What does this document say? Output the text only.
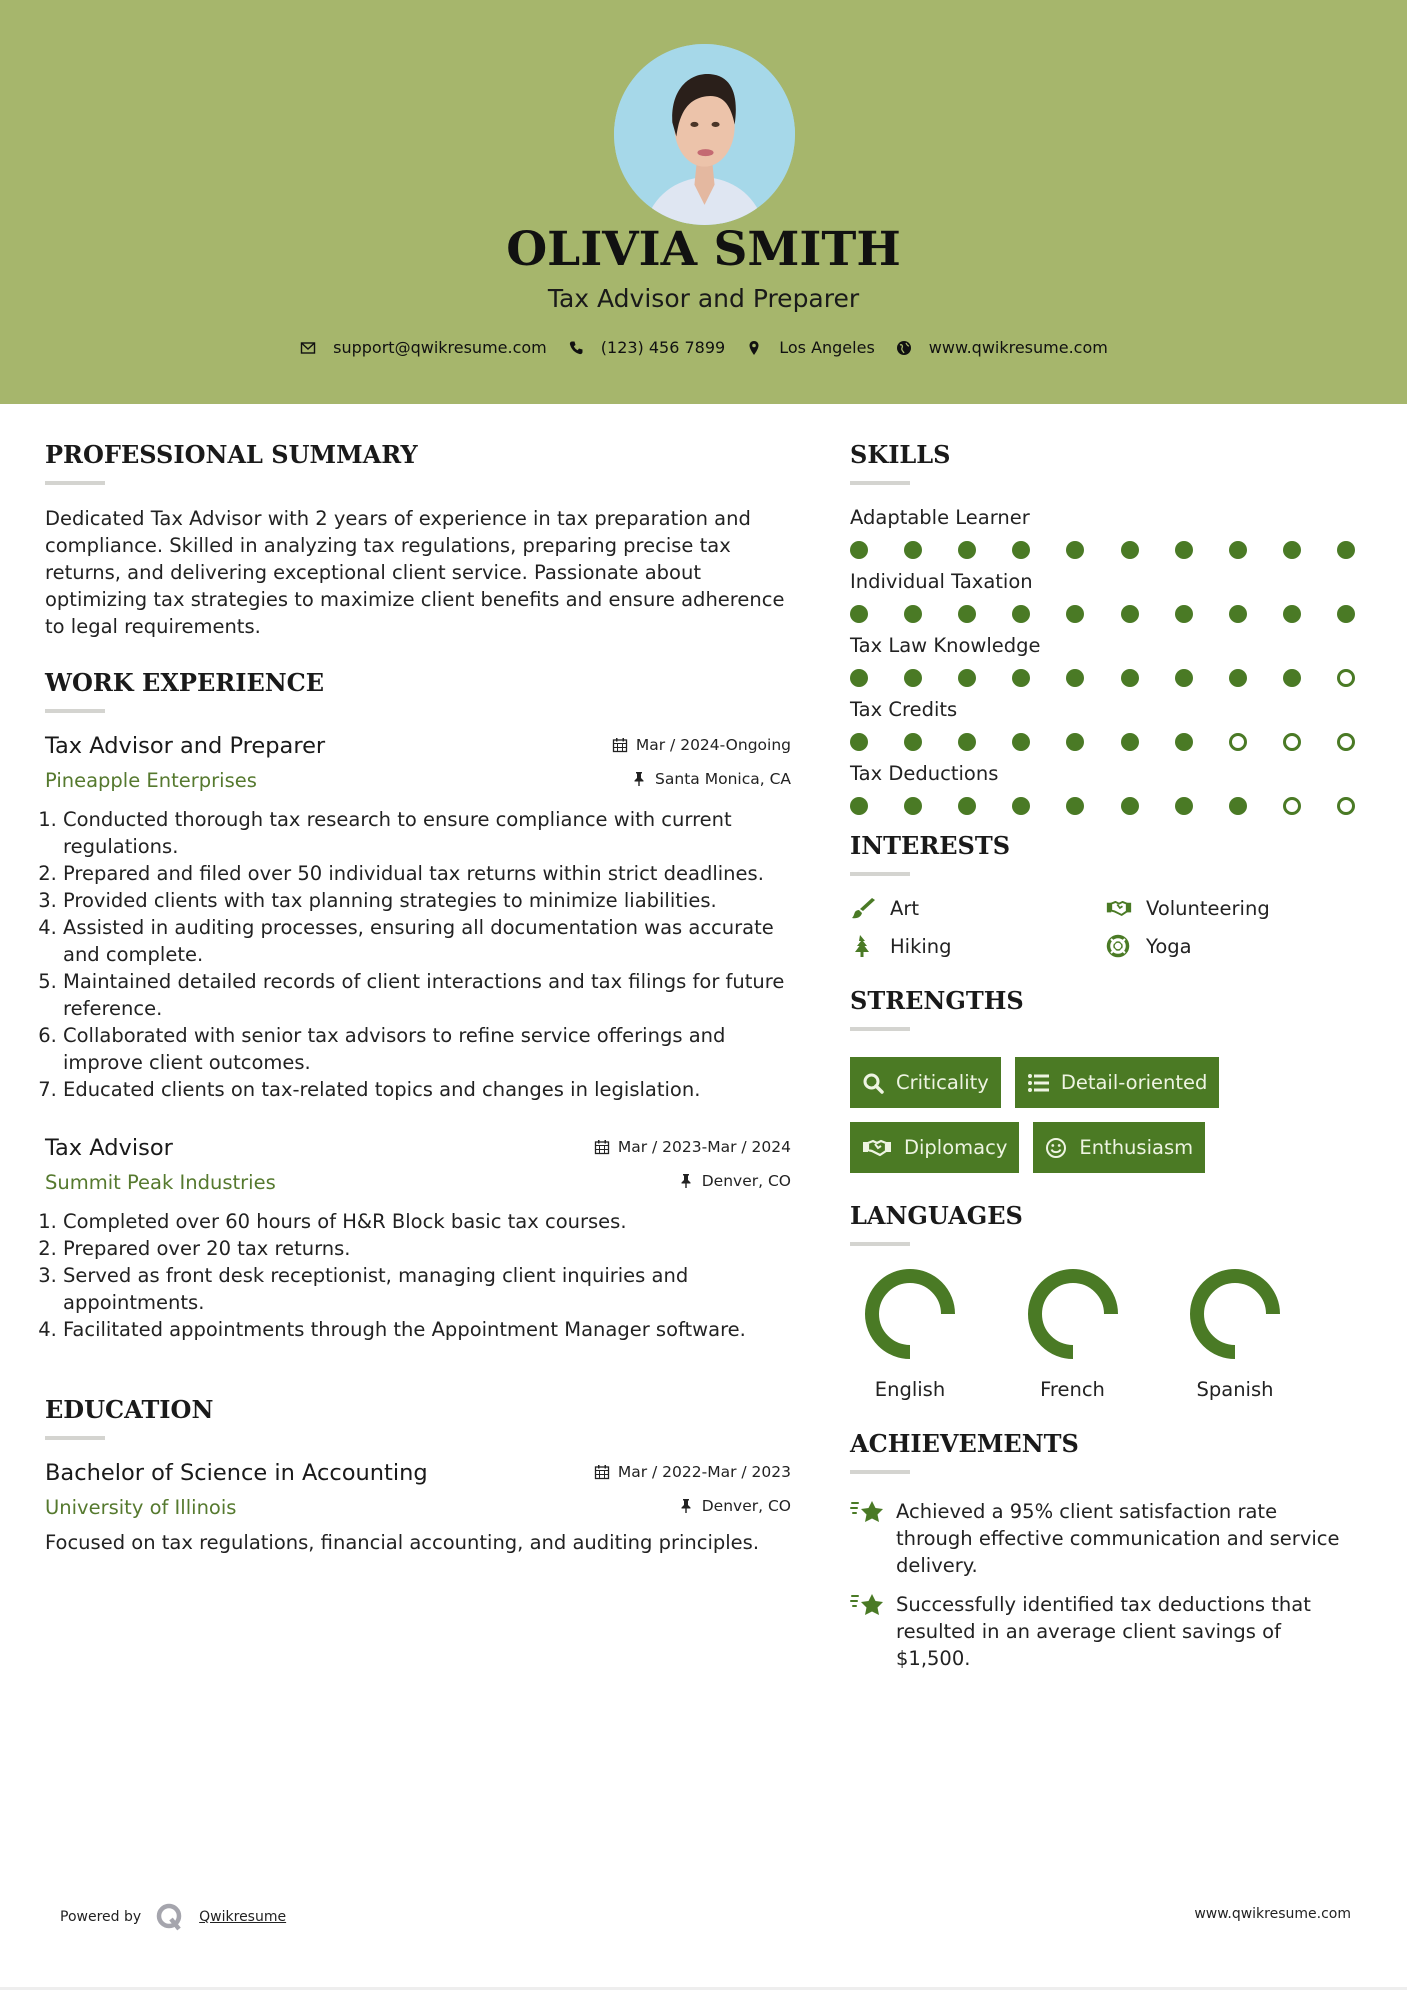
OLIVIA SMITH
Tax Advisor and Preparer
support@qwikresume.com	(123) 456 7899	Los Angeles	www.qwikresume.com
PROFESSIONAL SUMMARY

Dedicated Tax Advisor with 2 years of experience in tax preparation and compliance. Skilled in analyzing tax regulations, preparing precise tax returns, and delivering exceptional client service. Passionate about optimizing tax strategies to maximize client benefits and ensure adherence to legal requirements.

WORK EXPERIENCE
Tax Advisor and Preparer	Mar / 2024-Ongoing
Pineapple Enterprises	Santa Monica, CA
1. Conducted thorough tax research to ensure compliance with current regulations.
2. Prepared and filed over 50 individual tax returns within strict deadlines.
3. Provided clients with tax planning strategies to minimize liabilities.
4. Assisted in auditing processes, ensuring all documentation was accurate and complete.
5. Maintained detailed records of client interactions and tax filings for future reference.
6. Collaborated with senior tax advisors to refine service offerings and improve client outcomes.
7. Educated clients on tax-related topics and changes in legislation.
Tax Advisor	Mar / 2023-Mar / 2024
Summit Peak Industries	Denver, CO
1. Completed over 60 hours of H&R Block basic tax courses.
2. Prepared over 20 tax returns.
3. Served as front desk receptionist, managing client inquiries and appointments.
4. Facilitated appointments through the Appointment Manager software.
EDUCATION
Bachelor of Science in Accounting	Mar / 2022-Mar / 2023
University of Illinois	Denver, CO

Focused on tax regulations, financial accounting, and auditing principles.

SKILLS
Adaptable Learner
Individual Taxation
Tax Law Knowledge
Tax Credits
Tax Deductions
INTERESTS
Art	Volunteering
Hiking	Yoga
STRENGTHS
Criticality	Detail-oriented
Diplomacy	Enthusiasm
LANGUAGES
English	French	Spanish
ACHIEVEMENTS
Achieved a 95% client satisfaction rate through effective communication and service delivery.
Successfully identified tax deductions that resulted in an average client savings of $1,500.
Powered by	Qwikresume	www.qwikresume.com
